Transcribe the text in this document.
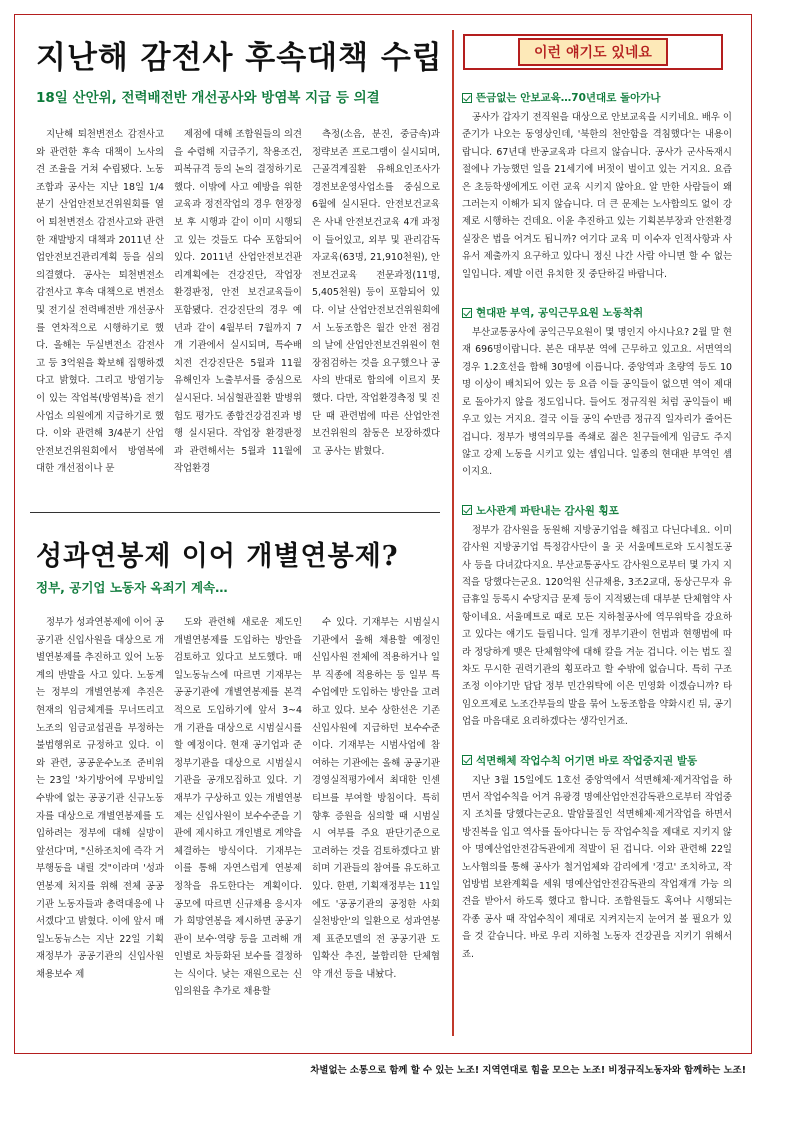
지난해 감전사 후속대책 수립
18일 산안위, 전력배전반 개선공사와 방염복 지급 등 의결

지난해 퇴천변전소 감전사고와 관련한 후속 대책이 노사의견 조율을 거쳐 수립됐다. 노동조합과 공사는 지난 18일 1/4분기 산업안전보건위원회를 열어 퇴천변전소 감전사고와 관련한 재발방지 대책과 2011년 산업안전보건관리계획 등을 심의 의결했다. 공사는 퇴천변전소 감전사고 후속 대책으로 변전소 및 전기실 전력배전반 개선공사를 연차적으로 시행하기로 했다. 올해는 두실변전소 감전사고 등 3억원을 확보해 집행하겠다고 밝혔다. 그리고 방염기능이 있는 작업복(방염복)을 전기사업소 의원에게 지급하기로 했다. 이와 관련해 3/4분기 산업안전보건위원회에서 방염복에 대한 개선점이나 문

제점에 대해 조합원들의 의견을 수렴해 지급주기, 착용조건, 피복규격 등의 논의 결정하기로 했다. 이밖에 사고 예방을 위한 교육과 정전작업의 경우 현장정보 후 시행과 같이 이미 시행되고 있는 것들도 다수 포함되어 있다. 2011년 산업안전보건관리계획에는 건강진단, 작업장 환경판정, 안전 보건교육들이 포함됐다. 건강진단의 경우 예년과 같이 4월부터 7월까지 7개 기관에서 실시되며, 특수배치전 건강진단은 5월과 11월 유해인자 노출부서를 중심으로 실시된다. 뇌심혈관질환 발병위험도 평가도 종합건강검진과 병행 실시된다. 작업장 환경판정과 관련해서는 5월과 11월에 작업환경

측정(소음, 분진, 중금속)과 정략보존 프로그램이 실시되며, 근골격계질환 유해요인조사가 경전보운영사업소를 중심으로 6월에 실시된다. 안전보건교육은 사내 안전보건교육 4개 과정이 들어있고, 외부 및 관리감독자교육(63명, 21,910천원), 안전보건교육 전문과정(11명, 5,405천원) 등이 포함되어 있다. 이날 산업안전보건위원회에서 노동조합은 월간 안전 점검의 날에 산업안전보건위원이 현장점검하는 것을 요구했으나 공사의 반대로 합의에 이르지 못했다. 다만, 작업환경측정 및 진단 때 관련법에 따른 산업안전보건위원의 참동은 보장하겠다고 공사는 밝혔다.

성과연봉제 이어 개별연봉제?
정부, 공기업 노동자 옥죄기 계속…

정부가 성과연봉제에 이어 공공기관 신입사원을 대상으로 개별연봉제를 추진하고 있어 노동계의 반발을 사고 있다. 노동계는 정부의 개별연봉제 추진은 현재의 임금체계를 무너뜨리고 노조의 임금교섭권을 부정하는 불법행위로 규정하고 있다. 이와 관련, 공공운수노조 준비위는 23일 '차기방어에 무방비일 수밖에 없는 공공기관 신규노동자를 대상으로 개별연봉제를 도입하려는 정부에 대해 실망이 앞선다'며, "신하조치에 즉각 거부행동을 내릴 것"이라며 '성과연봉제 처지를 위해 전체 공공기관 노동자들과 총력대응에 나서겠다'고 밝혔다. 이에 앞서 매일노동뉴스는 지난 22일 기획재정부가 공공기관의 신입사원 채용보수 제

도와 관련해 새로운 제도인 개별연봉제를 도입하는 방안을 검토하고 있다고 보도했다. 매일노동뉴스에 따르면 기재부는 공공기관에 개별연봉제를 본격적으로 도입하기에 앞서 3~4개 기관을 대상으로 시범실시를 할 예정이다. 현재 공기업과 준정부기관을 대상으로 시범실시 기관을 공개모집하고 있다. 기재부가 구상하고 있는 개별연봉제는 신입사원이 보수수준을 기관에 제시하고 개인별로 계약을 체결하는 방식이다. 기재부는 이를 통해 자연스럽게 연봉제 정착을 유도한다는 계획이다. 공모에 따르면 신규채용 응시자가 희망연봉을 제시하면 공공기관이 보수·역량 등을 고려해 개인별로 차등화된 보수를 결정하는 식이다. 낮는 재원으로는 신입의원을 추가로 채용할

수 있다. 기재부는 시범실시 기관에서 올해 채용할 예정인 신입사원 전체에 적용하거나 일부 직종에 적용하는 등 일부 특수업에만 도입하는 방안을 고려하고 있다. 보수 상한선은 기존 신입사원에 지급하던 보수수준이다. 기재부는 시범사업에 참여하는 기관에는 올해 공공기관 경영실적평가에서 최대한 인센티브를 부여할 방침이다. 특히 향후 증원을 심의할 때 시범실시 여부를 주요 판단기준으로 고려하는 것을 검토하겠다고 밝히며 기관들의 참여를 유도하고 있다. 한편, 기획재정부는 11일에도 '공공기관의 공정한 사회 실천방안'의 일환으로 성과연봉제 표준모델의 전 공공기관 도입확산 추진, 불합리한 단체협약 개선 등을 내놨다.

이런 얘기도 있네요
뜬금없는 안보교육…70년대로 돌아가나

공사가 갑자기 전직원을 대상으로 안보교육을 시키네요. 배우 이준기가 나오는 동영상인데, '북한의 천안함을 격침했다'는 내용이랍니다. 67년대 반공교육과 다르지 않습니다. 공사가 군사독재시절에나 가능했던 일을 21세기에 버젓이 벌이고 있는 거지요. 요즘은 초등학생에게도 이런 교육 시키지 않아요. 알 만한 사람들이 왜 그러는지 이해가 되지 않습니다. 더 큰 문제는 노사합의도 없이 강제로 시행하는 건데요. 이윤 추진하고 있는 기획본부장과 안전환경실장은 법을 어겨도 됩니까? 여기다 교육 미 이수자 인적사항과 사유서 제출까지 요구하고 있다니 정신 나간 사람 아니면 할 수 없는 일입니다. 제발 이런 유치한 짓 중단하길 바랍니다.

현대판 부역, 공익근무요원 노동착취

부산교통공사에 공익근무요원이 몇 명인지 아시나요? 2월 말 현재 696명이랍니다. 본은 대부분 역에 근무하고 있고요. 서면역의 경우 1.2호선을 합해 30명에 이릅니다. 중앙역과 초량역 등도 10명 이상이 배치되어 있는 등 요즘 이들 공익들이 없으면 역이 제대로 돌아가지 않을 정도입니다. 들어도 정규직원 처럼 공익들이 배우고 있는 거지요. 결국 이들 공익 수만큼 정규직 일자리가 줄어든 겁니다. 정부가 병역의무를 족쇄로 젊은 친구들에게 임금도 주지 않고 강제 노동을 시키고 있는 셈입니다. 일종의 현대판 부역인 셈이지요.

노사관계 파탄내는 감사원 횡포

정부가 감사원을 동원해 지방공기업을 해집고 다닌다네요. 이미 감사원 지방공기업 특정감사단이 울 곳 서울메트로와 도시철도공사 등을 다녀갔다지요. 부산교통공사도 감사원으로부터 몇 가지 지적을 당했다는군요. 120억원 신규채용, 3조2교대, 동상근무자 유급휴일 등록시 수당지급 문제 등이 지적됐는데 대부분 단체협약 사항이네요. 서울메트로 때로 모든 지하철공사에 역무위탁을 강요하고 있다는 얘기도 들립니다. 일개 정부기관이 헌법과 현행법에 따라 정당하게 맺은 단체협약에 대해 칼을 겨눈 겁니다. 이는 법도 질차도 무시한 권력기관의 횡포라고 할 수밖에 없습니다. 특히 구조조정 이야기만 답답 정부 민간위탁에 이은 민영화 이겠습니까? 타임오프제로 노조간부들의 발을 묶어 노동조합을 약화시킨 뒤, 공기업을 마음대로 요리하겠다는 생각인거죠.

석면해체 작업수칙 어기면 바로 작업중지권 발동

지난 3월 15일에도 1호선 중앙역에서 석면해체·제거작업을 하면서 작업수칙을 어겨 유광경 명예산업안전감독관으로부터 작업중지 조치를 당했다는군요. 발암물질인 석면해체·제거작업을 하면서 방진복을 입고 역사를 돌아다니는 등 작업수칙을 제대로 지키지 않아 명예산업안전감독관에게 적발이 된 겁니다. 이와 관련해 22일 노사협의를 통해 공사가 철거업체와 감리에게 '경고' 조치하고, 작업방법 보완계획을 세워 명예산업안전감독관의 작업재개 가능 의견을 받아서 하도록 했다고 합니다. 조합원들도 혹여나 시행되는 각종 공사 때 작업수칙이 제대로 지켜지는지 눈여겨 볼 필요가 있을 것 같습니다. 바로 우리 지하철 노동자 건강권을 지키기 위해서죠.

차별없는 소통으로 함께 할 수 있는 노조! 지역연대로 힘을 모으는 노조! 비정규직노동자와 함께하는 노조!
